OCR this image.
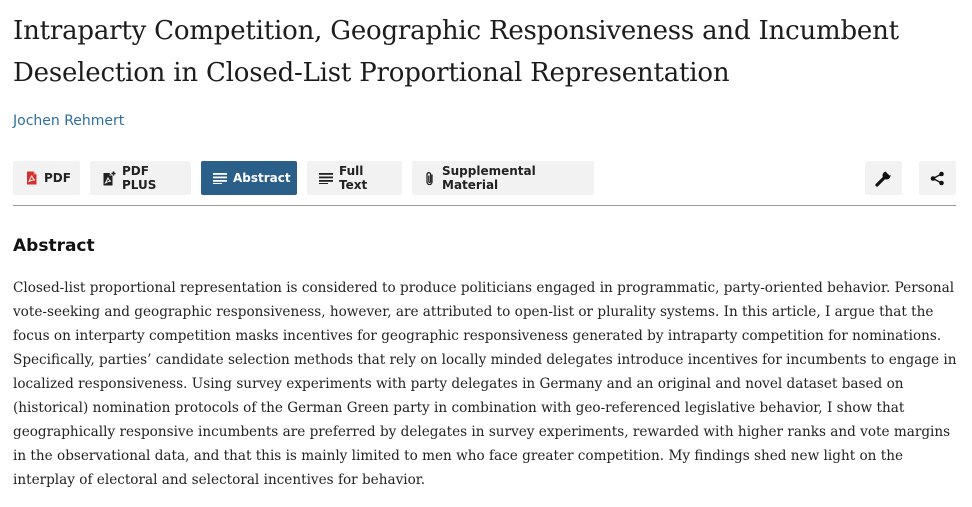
Intraparty Competition, Geographic Responsiveness and Incumbent Deselection in Closed-List Proportional Representation
Jochen Rehmert
PDF	PDF PLUS	Abstract	Full Text
Supplemental Material
Abstract

Closed-list proportional representation is considered to produce politicians engaged in programmatic, party-oriented behavior. Personal vote-seeking and geographic responsiveness, however, are attributed to open-list or plurality systems. In this article, I argue that the focus on interparty competition masks incentives for geographic responsiveness generated by intraparty competition for nominations. Specifically, parties’ candidate selection methods that rely on locally minded delegates introduce incentives for incumbents to engage in localized responsiveness. Using survey experiments with party delegates in Germany and an original and novel dataset based on (historical) nomination protocols of the German Green party in combination with geo-referenced legislative behavior, I show that geographically responsive incumbents are preferred by delegates in survey experiments, rewarded with higher ranks and vote margins in the observational data, and that this is mainly limited to men who face greater competition. My findings shed new light on the interplay of electoral and selectoral incentives for behavior.
